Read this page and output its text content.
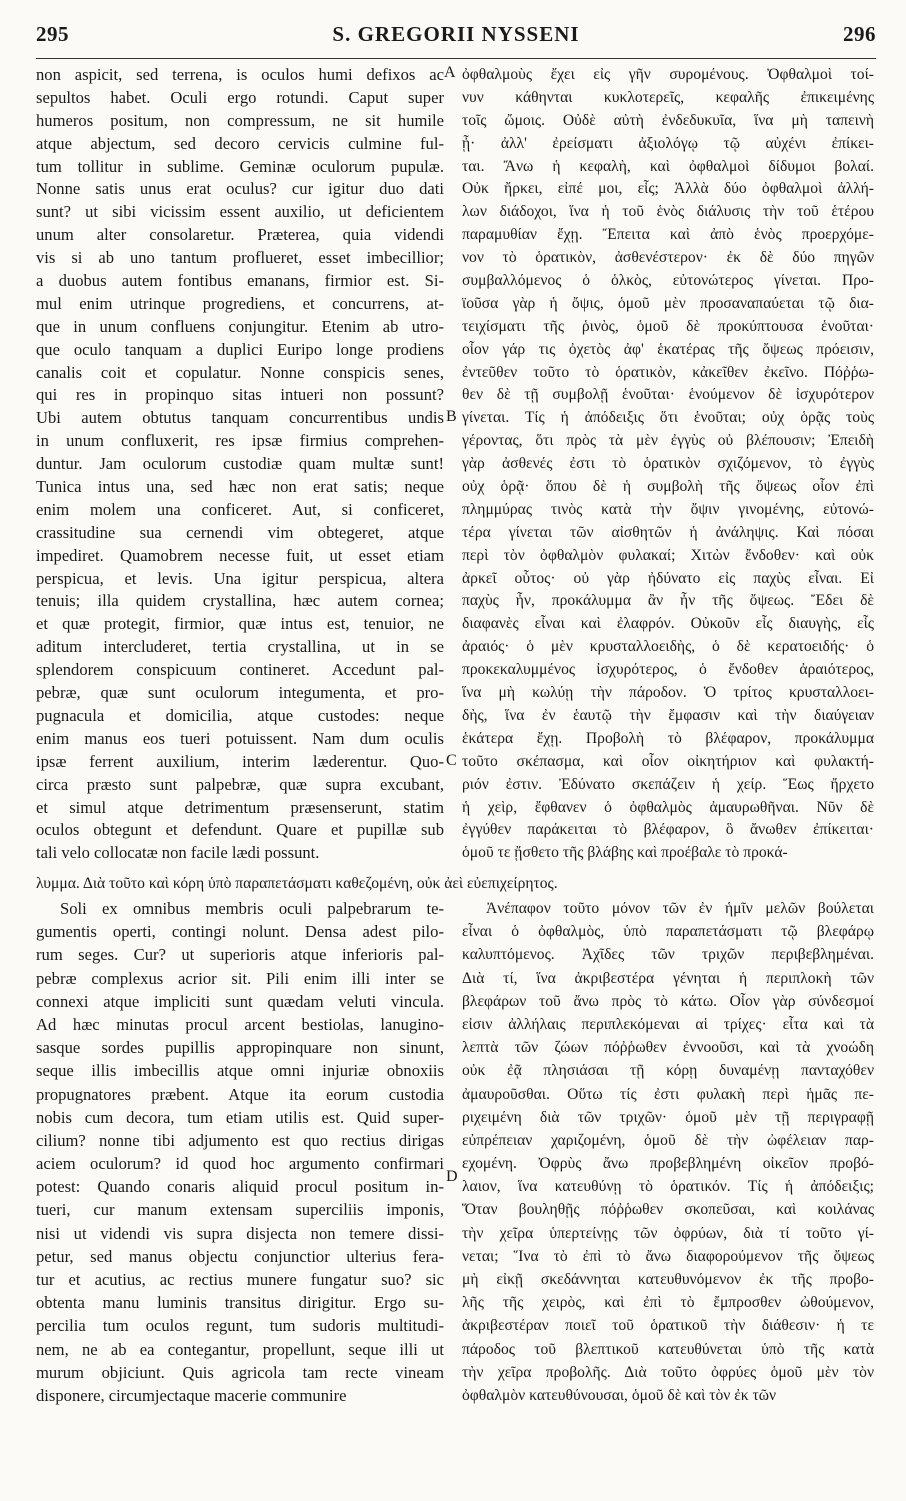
295	S. GREGORII NYSSENI	296
non aspicit, sed terrena, is oculos humi defixos ac
sepultos habet. Oculi ergo rotundi. Caput super
humeros positum, non compressum, ne sit humile
atque abjectum, sed decoro cervicis culmine ful-
tum tollitur in sublime. Geminæ oculorum pupulæ.
Nonne satis unus erat oculus? cur igitur duo dati
sunt? ut sibi vicissim essent auxilio, ut deficientem
unum alter consolaretur. Præterea, quia videndi
vis si ab uno tantum proflueret, esset imbecillior;
a duobus autem fontibus emanans, firmior est. Si-
mul enim utrinque progrediens, et concurrens, at-
que in unum confluens conjungitur. Etenim ab utro-
que oculo tanquam a duplici Euripo longe prodiens
canalis coit et copulatur. Nonne conspicis senes,
qui res in propinquo sitas intueri non possunt?
Ubi autem obtutus tanquam concurrentibus undis
in unum confluxerit, res ipsæ firmius comprehen-
duntur. Jam oculorum custodiæ quam multæ sunt!
Tunica intus una, sed hæc non erat satis; neque
enim molem una conficeret. Aut, si conficeret,
crassitudine sua cernendi vim obtegeret, atque
impediret. Quamobrem necesse fuit, ut esset etiam
perspicua, et levis. Una igitur perspicua, altera
tenuis; illa quidem crystallina, hæc autem cornea;
et quæ protegit, firmior, quæ intus est, tenuior, ne
aditum intercluderet, tertia crystallina, ut in se
splendorem conspicuum contineret. Accedunt pal-
pebræ, quæ sunt oculorum integumenta, et pro-
pugnacula et domicilia, atque custodes: neque
enim manus eos tueri potuissent. Nam dum oculis
ipsæ ferrent auxilium, interim læderentur. Quo-
circa præsto sunt palpebræ, quæ supra excubant,
et simul atque detrimentum præsenserunt, statim
oculos obtegunt et defendunt. Quare et pupillæ sub
tali velo collocatæ non facile lædi possunt.
ὀφθαλμοὺς ἔχει εἰς γῆν συρομένους. Ὀφθαλμοὶ τοί-
νυν κάθηνται κυκλοτερεῖς, κεφαλῆς ἐπικειμένης
τοῖς ὤμοις. Οὐδὲ αὐτὴ ἐνδεδυκυῖα, ἵνα μὴ ταπεινὴ
ᾖ· ἀλλ' ἐρείσματι ἀξιολόγῳ τῷ αὐχένι ἐπίκει-
ται. Ἄνω ἡ κεφαλὴ, καὶ ὀφθαλμοὶ δίδυμοι βολαί.
Οὐκ ἤρκει, εἰπέ μοι, εἷς; Ἀλλὰ δύο ὀφθαλμοὶ ἀλλή-
λων διάδοχοι, ἵνα ἡ τοῦ ἑνὸς διάλυσις τὴν τοῦ ἑτέρου
παραμυθίαν ἔχῃ. Ἔπειτα καὶ ἀπὸ ἑνὸς προερχόμε-
νον τὸ ὁρατικὸν, ἀσθενέστερον· ἐκ δὲ δύο πηγῶν
συμβαλλόμενος ὁ ὁλκὸς, εὐτονώτερος γίνεται. Προ-
ϊοῦσα γὰρ ἡ ὄψις, ὁμοῦ μὲν προσαναπαύεται τῷ δια-
τειχίσματι τῆς ῥινὸς, ὁμοῦ δὲ προκύπτουσα ἑνοῦται·
οἷον γάρ τις ὀχετὸς ἀφ' ἑκατέρας τῆς ὄψεως πρόεισιν,
ἐντεῦθεν τοῦτο τὸ ὁρατικὸν, κἀκεῖθεν ἐκεῖνο. Πόῤῥω-
θεν δὲ τῇ συμβολῇ ἑνοῦται· ἑνούμενον δὲ ἰσχυρότερον
γίνεται. Τίς ἡ ἀπόδειξις ὅτι ἑνοῦται; οὐχ ὁρᾷς τοὺς
γέροντας, ὅτι πρὸς τὰ μὲν ἐγγὺς οὐ βλέπουσιν; Ἐπειδὴ
γὰρ ἀσθενές ἐστι τὸ ὁρατικὸν σχιζόμενον, τὸ ἐγγὺς
οὐχ ὁρᾷ· ὅπου δὲ ἡ συμβολὴ τῆς ὄψεως οἷον ἐπὶ
πλημμύρας τινὸς κατὰ τὴν ὄψιν γινομένης, εὐτονώ-
τέρα γίνεται τῶν αἰσθητῶν ἡ ἀνάληψις. Καὶ πόσαι
περὶ τὸν ὀφθαλμὸν φυλακαί; Χιτὼν ἔνδοθεν· καὶ οὐκ
ἀρκεῖ οὗτος· οὐ γὰρ ἠδύνατο εἰς παχὺς εἶναι. Εἰ
παχὺς ἦν, προκάλυμμα ἂν ἦν τῆς ὄψεως. Ἔδει δὲ
διαφανὲς εἶναι καὶ ἐλαφρόν. Οὐκοῦν εἷς διαυγὴς, εἷς
ἀραιός· ὁ μὲν κρυσταλλοειδὴς, ὁ δὲ κερατοειδής· ὁ
προκεκαλυμμένος ἰσχυρότερος, ὁ ἔνδοθεν ἀραιότερος,
ἵνα μὴ κωλύῃ τὴν πάροδον. Ὁ τρίτος κρυσταλλοει-
δὴς, ἵνα ἐν ἑαυτῷ τὴν ἔμφασιν καὶ τὴν διαύγειαν
ἑκάτερα ἔχῃ. Προβολὴ τὸ βλέφαρον, προκάλυμμα
τοῦτο σκέπασμα, καὶ οἷον οἰκητήριον καὶ φυλακτή-
ριόν ἐστιν. Ἐδύνατο σκεπάζειν ἡ χείρ. Ἕως ἤρχετο
ἡ χεὶρ, ἔφθανεν ὁ ὀφθαλμὸς ἀμαυρωθῆναι. Νῦν δὲ
ἐγγύθεν παράκειται τὸ βλέφαρον, ὃ ἄνωθεν ἐπίκειται·
ὁμοῦ τε ᾔσθετο τῆς βλάβης καὶ προέβαλε τὸ προκά-
A
B
C
D
λυμμα. Διὰ τοῦτο καὶ κόρη ὑπὸ παραπετάσματι καθεζομένη, οὐκ ἀεὶ εὐεπιχείρητος.
Soli ex omnibus membris oculi palpebrarum te-
gumentis operti, contingi nolunt. Densa adest pilo-
rum seges. Cur? ut superioris atque inferioris pal-
pebræ complexus acrior sit. Pili enim illi inter se
connexi atque impliciti sunt quædam veluti vincula.
Ad hæc minutas procul arcent bestiolas, lanugino-
sasque sordes pupillis appropinquare non sinunt,
seque illis imbecillis atque omni injuriæ obnoxiis
propugnatores præbent. Atque ita eorum custodia
nobis cum decora, tum etiam utilis est. Quid super-
cilium? nonne tibi adjumento est quo rectius dirigas
aciem oculorum? id quod hoc argumento confirmari
potest: Quando conaris aliquid procul positum in-
tueri, cur manum extensam superciliis imponis,
nisi ut videndi vis supra disjecta non temere dissi-
petur, sed manus objectu conjunctior ulterius fera-
tur et acutius, ac rectius munere fungatur suo? sic
obtenta manu luminis transitus dirigitur. Ergo su-
percilia tum oculos regunt, tum sudoris multitudi-
nem, ne ab ea contegantur, propellunt, seque illi ut
murum objiciunt. Quis agricola tam recte vineam
disponere, circumjectaque macerie communire
Ἀνέπαφον τοῦτο μόνον τῶν ἐν ἡμῖν μελῶν βούλεται
εἶναι ὁ ὀφθαλμὸς, ὑπὸ παραπετάσματι τῷ βλεφάρῳ
καλυπτόμενος. Ἀχῖδες τῶν τριχῶν περιβεβλημέναι.
Διὰ τί, ἵνα ἀκριβεστέρα γένηται ἡ περιπλοκὴ τῶν
βλεφάρων τοῦ ἄνω πρὸς τὸ κάτω. Οἷον γὰρ σύνδεσμοί
εἰσιν ἀλλήλαις περιπλεκόμεναι αἱ τρίχες· εἶτα καὶ τὰ
λεπτὰ τῶν ζώων πόῤῥωθεν ἐννοοῦσι, καὶ τὰ χνοώδη
οὐκ ἐᾷ πλησιάσαι τῇ κόρῃ δυναμένῃ πανταχόθεν
ἀμαυροῦσθαι. Οὕτω τίς ἐστι φυλακὴ περὶ ἡμᾶς πε-
ριχειμένη διὰ τῶν τριχῶν· ὁμοῦ μὲν τῇ περιγραφῇ
εὐπρέπειαν χαριζομένη, ὁμοῦ δὲ τὴν ὠφέλειαν παρ-
εχομένη. Ὀφρὺς ἄνω προβεβλημένη οἰκεῖον προβό-
λαιον, ἵνα κατευθύνῃ τὸ ὁρατικόν. Τίς ἡ ἀπόδειξις;
Ὅταν βουληθῇς πόῤῥωθεν σκοπεῦσαι, καὶ κοιλάνας
τὴν χεῖρα ὑπερτείνῃς τῶν ὀφρύων, διὰ τί τοῦτο γί-
νεται; Ἵνα τὸ ἐπὶ τὸ ἄνω διαφορούμενον τῆς ὄψεως
μὴ εἰκῇ σκεδάννηται κατευθυνόμενον ἐκ τῆς προβο-
λῆς τῆς χειρὸς, καὶ ἐπὶ τὸ ἔμπροσθεν ὠθούμενον,
ἀκριβεστέραν ποιεῖ τοῦ ὁρατικοῦ τὴν διάθεσιν· ἡ τε
πάροδος τοῦ βλεπτικοῦ κατευθύνεται ὑπὸ τῆς κατὰ
τὴν χεῖρα προβολῆς. Διὰ τοῦτο ὀφρύες ὁμοῦ μὲν τὸν
ὀφθαλμὸν κατευθύνουσαι, ὁμοῦ δὲ καὶ τὸν ἐκ τῶν
